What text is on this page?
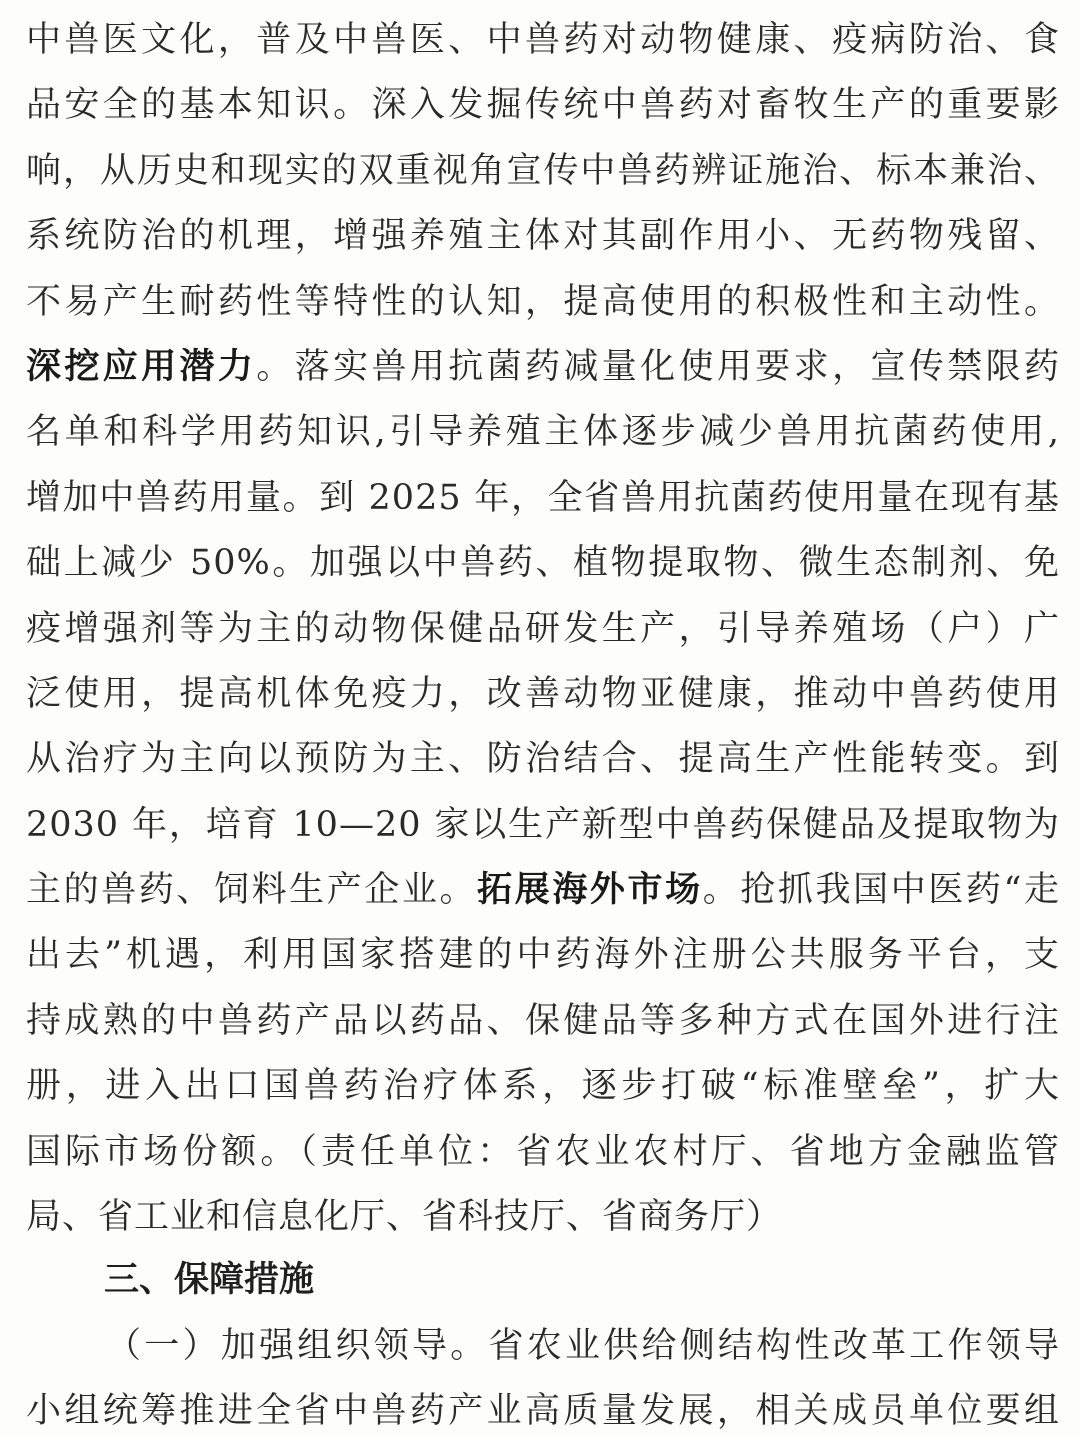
中兽医文化，普及中兽医、中兽药对动物健康、疫病防治、食
品安全的基本知识。深入发掘传统中兽药对畜牧生产的重要影
响，从历史和现实的双重视角宣传中兽药辨证施治、标本兼治、
系统防治的机理，增强养殖主体对其副作用小、无药物残留、
不易产生耐药性等特性的认知，提高使用的积极性和主动性。
深挖应用潜力。落实兽用抗菌药减量化使用要求，宣传禁限药
名单和科学用药知识,引导养殖主体逐步减少兽用抗菌药使用,
增加中兽药用量。到 2025 年，全省兽用抗菌药使用量在现有基
础上减少 50%。加强以中兽药、植物提取物、微生态制剂、免
疫增强剂等为主的动物保健品研发生产，引导养殖场（户）广
泛使用，提高机体免疫力，改善动物亚健康，推动中兽药使用
从治疗为主向以预防为主、防治结合、提高生产性能转变。到
2030 年，培育 10—20 家以生产新型中兽药保健品及提取物为
主的兽药、饲料生产企业。拓展海外市场。抢抓我国中医药“走
出去”机遇，利用国家搭建的中药海外注册公共服务平台，支
持成熟的中兽药产品以药品、保健品等多种方式在国外进行注
册，进入出口国兽药治疗体系，逐步打破“标准壁垒”，扩大
国际市场份额。（责任单位：省农业农村厅、省地方金融监管
局、省工业和信息化厅、省科技厅、省商务厅）
三、保障措施
（一）加强组织领导。省农业供给侧结构性改革工作领导
小组统筹推进全省中兽药产业高质量发展，相关成员单位要组
